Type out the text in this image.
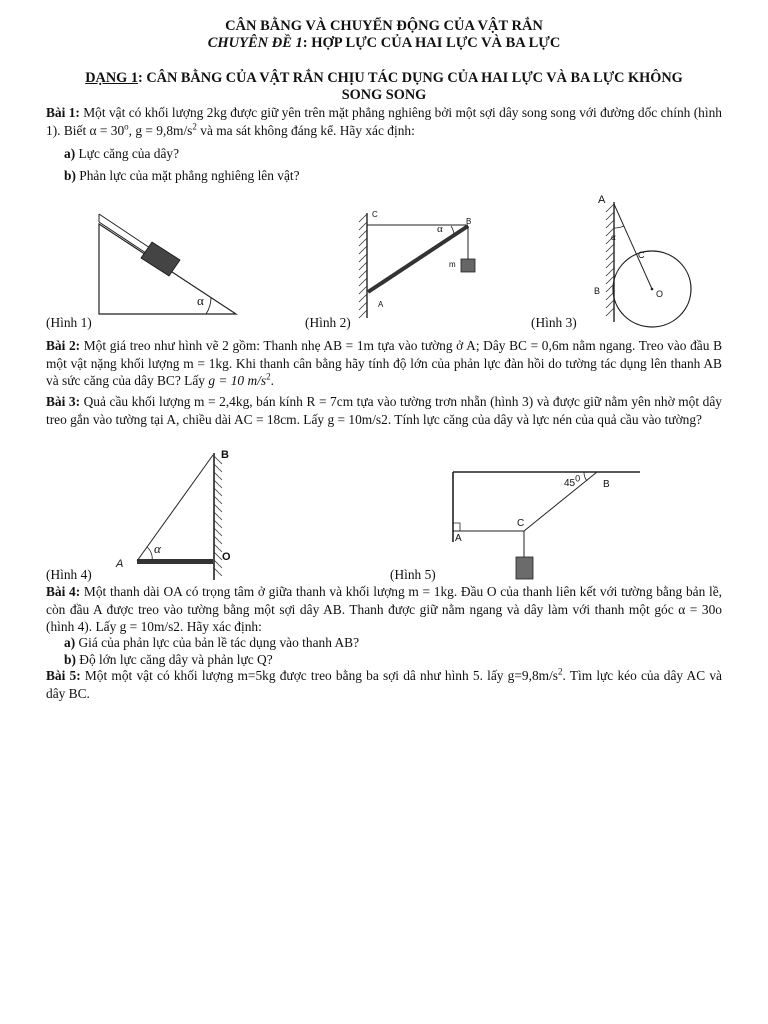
CÂN BẰNG VÀ CHUYỂN ĐỘNG CỦA VẬT RẮN
CHUYÊN ĐỀ 1: HỢP LỰC CỦA HAI LỰC VÀ BA LỰC
DẠNG 1: CÂN BẰNG CỦA VẬT RẮN CHỊU TÁC DỤNG CỦA HAI LỰC VÀ BA LỰC KHÔNG
SONG SONG
Bài 1: Một vật có khối lượng 2kg được giữ yên trên mặt phẳng nghiêng bởi một sợi dây song song với đường dốc chính (hình 1). Biết $\alpha = 30^o$, $g = 9,8m/s^2$ và ma sát không đáng kể. Hãy xác định:
a) Lực căng của dây?
b) Phản lực của mặt phẳng nghiêng lên vật?
α
C
B
α
m
A
A
α
C
B	O
(Hình 1)	(Hình 2)	(Hình 3)
Bài 2: Một giá treo như hình vẽ 2 gồm: Thanh nhẹ AB = 1m tựa vào tường ở A; Dây BC = 0,6m nằm ngang. Treo vào đầu B một vật nặng khối lượng m = 1kg. Khi thanh cân bằng hãy tính độ lớn của phản lực đàn hồi do tường tác dụng lên thanh AB và sức căng của dây BC? Lấy g = 10 $m/s^2$.
Bài 3: Quả cầu khối lượng m = 2,4kg, bán kính R = 7cm tựa vào tường trơn nhẵn (hình 3) và được giữ nằm yên nhờ một dây treo gắn vào tường tại A, chiều dài AC = 18cm. Lấy g = 10m/s2. Tính lực căng của dây và lực nén của quả cầu vào tường?
B
A
α
O
$45^0$
B
C
A
(Hình 4)	(Hình 5)
Bài 4: Một thanh dài OA có trọng tâm ở giữa thanh và khối lượng m = 1kg. Đầu O của thanh liên kết với tường bằng bản lề, còn đầu A được treo vào tường bằng một sợi dây AB. Thanh được giữ nằm ngang và dây làm với thanh một góc α = 30o (hình 4). Lấy g = 10m/s2. Hãy xác định:
a) Giá của phản lực của bản lề tác dụng vào thanh AB?
b) Độ lớn lực căng dây và phản lực Q?
Bài 5: Một một vật có khối lượng m=5kg được treo bằng ba sợi dâ như hình 5. lấy $g=9,8m/s^2$. Tìm lực kéo của dây AC và dây BC.
